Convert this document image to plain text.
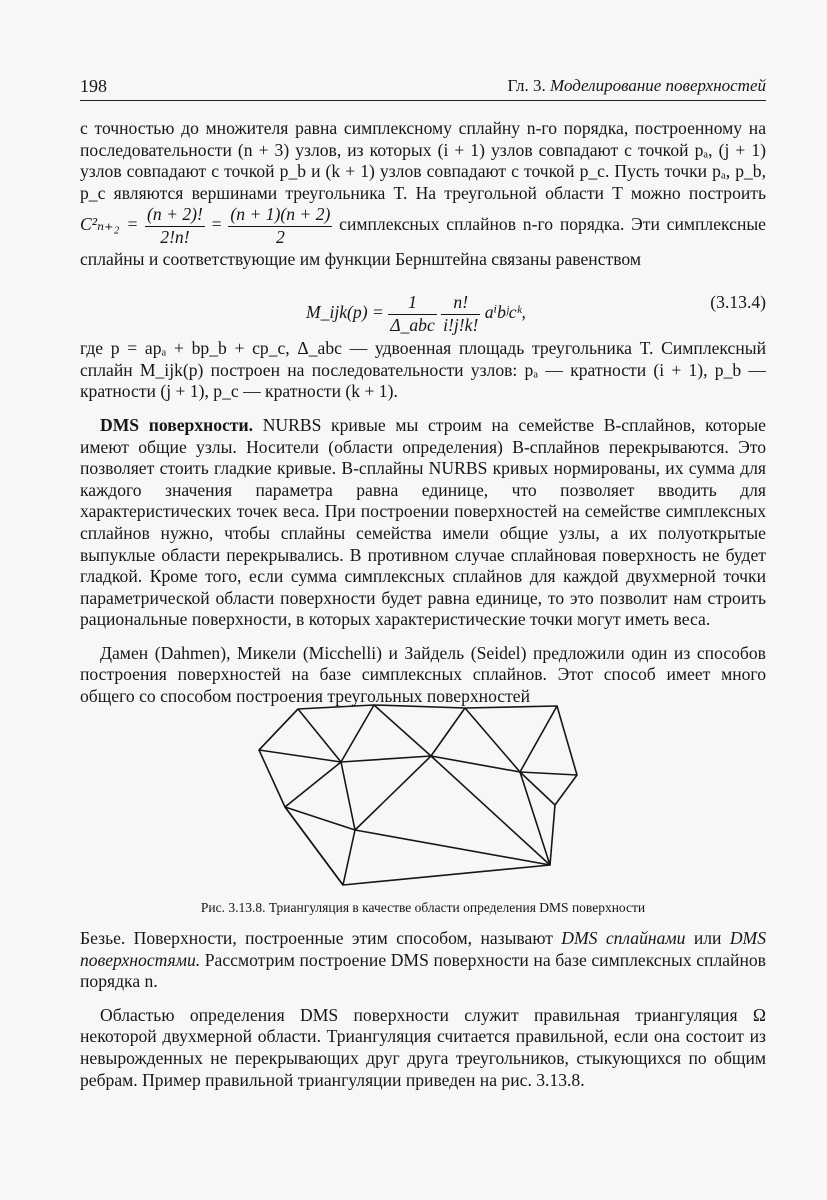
198	Гл. 3. Моделирование поверхностей

с точностью до множителя равна симплексному сплайну n-го порядка, построенному на последовательности (n + 3) узлов, из которых (i + 1) узлов совпадают с точкой pₐ, (j + 1) узлов совпадают с точкой p_b и (k + 1) узлов совпадают с точкой p_c. Пусть точки pₐ, p_b, p_c являются вершинами треугольника T. На треугольной области T можно построить $C^2_{n+2} = \frac{(n + 2)!}{2!n!} = \frac{(n + 1)(n + 2)}{2}$ симплексных сплайнов n-го порядка. Эти симплексные сплайны и соответствующие им функции Бернштейна связаны равенством

M_ijk(p) = $\frac{1}{\text{Δ\_abc}}$
$\frac{n!}{i!j!k!}$ aⁱbʲcᵏ,
(3.13.4)

где p = apₐ + bp_b + cp_c, Δ_abc — удвоенная площадь треугольника T. Симплексный сплайн M_ijk(p) построен на последовательности узлов: pₐ — кратности (i + 1), p_b — кратности (j + 1), p_c — кратности (k + 1).

DMS поверхности. NURBS кривые мы строим на семействе B-сплайнов, которые имеют общие узлы. Носители (области определения) B-сплайнов перекрываются. Это позволяет стоить гладкие кривые. B-сплайны NURBS кривых нормированы, их сумма для каждого значения параметра равна единице, что позволяет вводить для характеристических точек веса. При построении поверхностей на семействе симплексных сплайнов нужно, чтобы сплайны семейства имели общие узлы, а их полуоткрытые выпуклые области перекрывались. В противном случае сплайновая поверхность не будет гладкой. Кроме того, если сумма симплексных сплайнов для каждой двухмерной точки параметрической области поверхности будет равна единице, то это позволит нам строить рациональные поверхности, в которых характеристические точки могут иметь веса.

Дамен (Dahmen), Микели (Micchelli) и Зайдель (Seidel) предложили один из способов построения поверхностей на базе симплексных сплайнов. Этот способ имеет много общего со способом построения треугольных поверхностей

Рис. 3.13.8. Триангуляция в качестве области определения DMS поверхности

Безье. Поверхности, построенные этим способом, называют DMS сплайнами или DMS поверхностями. Рассмотрим построение DMS поверхности на базе симплексных сплайнов порядка n.

Областью определения DMS поверхности служит правильная триангуляция Ω некоторой двухмерной области. Триангуляция считается правильной, если она состоит из невырожденных не перекрывающих друг друга треугольников, стыкующихся по общим ребрам. Пример правильной триангуляции приведен на рис. 3.13.8.
